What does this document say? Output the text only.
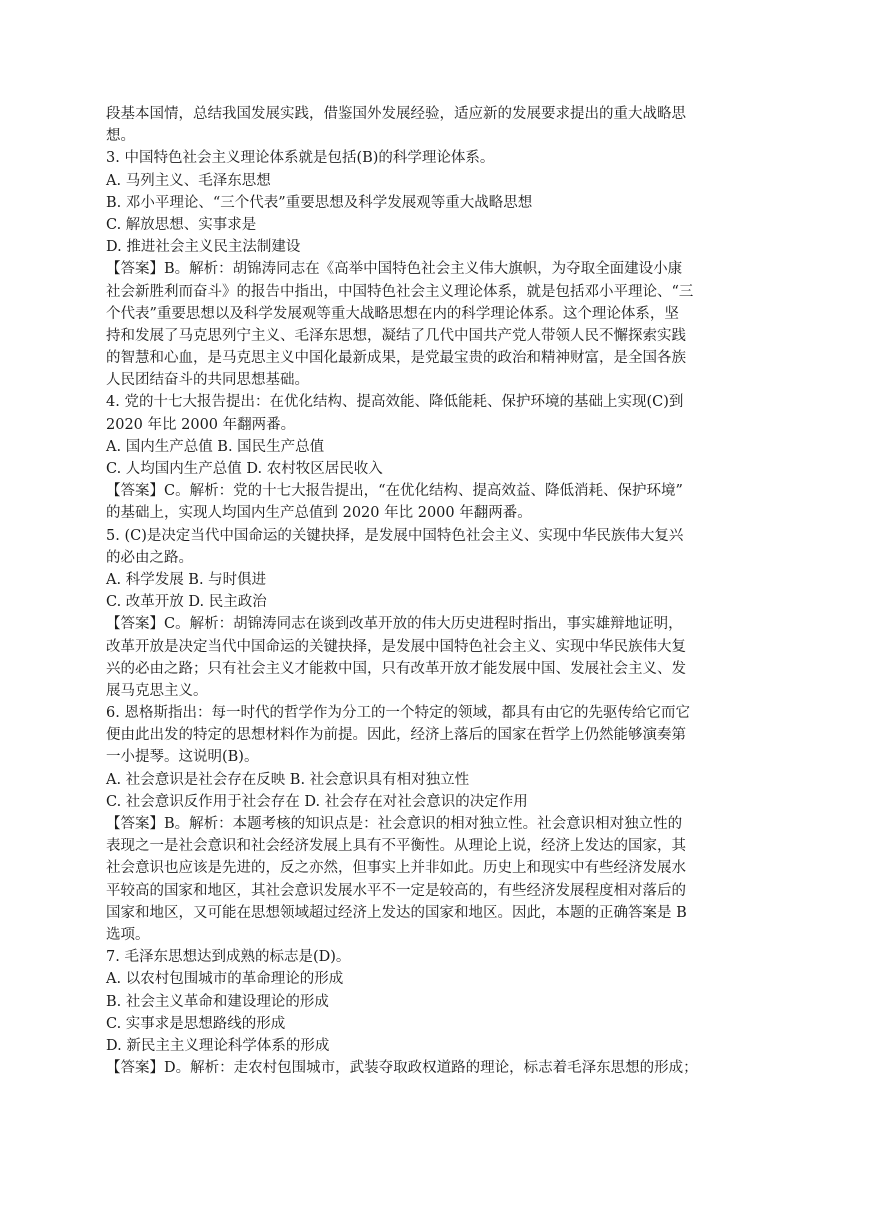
段基本国情，总结我国发展实践，借鉴国外发展经验，适应新的发展要求提出的重大战略思
想。
3. 中国特色社会主义理论体系就是包括(B)的科学理论体系。
A. 马列主义、毛泽东思想
B. 邓小平理论、“三个代表”重要思想及科学发展观等重大战略思想
C. 解放思想、实事求是
D. 推进社会主义民主法制建设
【答案】B。解析：胡锦涛同志在《高举中国特色社会主义伟大旗帜，为夺取全面建设小康
社会新胜利而奋斗》的报告中指出，中国特色社会主义理论体系，就是包括邓小平理论、“三
个代表”重要思想以及科学发展观等重大战略思想在内的科学理论体系。这个理论体系，坚
持和发展了马克思列宁主义、毛泽东思想，凝结了几代中国共产党人带领人民不懈探索实践
的智慧和心血，是马克思主义中国化最新成果，是党最宝贵的政治和精神财富，是全国各族
人民团结奋斗的共同思想基础。
4. 党的十七大报告提出：在优化结构、提高效能、降低能耗、保护环境的基础上实现(C)到
2020 年比 2000 年翻两番。
A. 国内生产总值 B. 国民生产总值
C. 人均国内生产总值 D. 农村牧区居民收入
【答案】C。解析：党的十七大报告提出，“在优化结构、提高效益、降低消耗、保护环境”
的基础上，实现人均国内生产总值到 2020 年比 2000 年翻两番。
5. (C)是决定当代中国命运的关键抉择，是发展中国特色社会主义、实现中华民族伟大复兴
的必由之路。
A. 科学发展 B. 与时俱进
C. 改革开放 D. 民主政治
【答案】C。解析：胡锦涛同志在谈到改革开放的伟大历史进程时指出，事实雄辩地证明，
改革开放是决定当代中国命运的关键抉择，是发展中国特色社会主义、实现中华民族伟大复
兴的必由之路；只有社会主义才能救中国，只有改革开放才能发展中国、发展社会主义、发
展马克思主义。
6. 恩格斯指出：每一时代的哲学作为分工的一个特定的领域，都具有由它的先驱传给它而它
便由此出发的特定的思想材料作为前提。因此，经济上落后的国家在哲学上仍然能够演奏第
一小提琴。这说明(B)。
A. 社会意识是社会存在反映 B. 社会意识具有相对独立性
C. 社会意识反作用于社会存在 D. 社会存在对社会意识的决定作用
【答案】B。解析：本题考核的知识点是：社会意识的相对独立性。社会意识相对独立性的
表现之一是社会意识和社会经济发展上具有不平衡性。从理论上说，经济上发达的国家，其
社会意识也应该是先进的，反之亦然，但事实上并非如此。历史上和现实中有些经济发展水
平较高的国家和地区，其社会意识发展水平不一定是较高的，有些经济发展程度相对落后的
国家和地区，又可能在思想领域超过经济上发达的国家和地区。因此，本题的正确答案是 B
选项。
7. 毛泽东思想达到成熟的标志是(D)。
A. 以农村包围城市的革命理论的形成
B. 社会主义革命和建设理论的形成
C. 实事求是思想路线的形成
D. 新民主主义理论科学体系的形成
【答案】D。解析：走农村包围城市，武装夺取政权道路的理论，标志着毛泽东思想的形成；
